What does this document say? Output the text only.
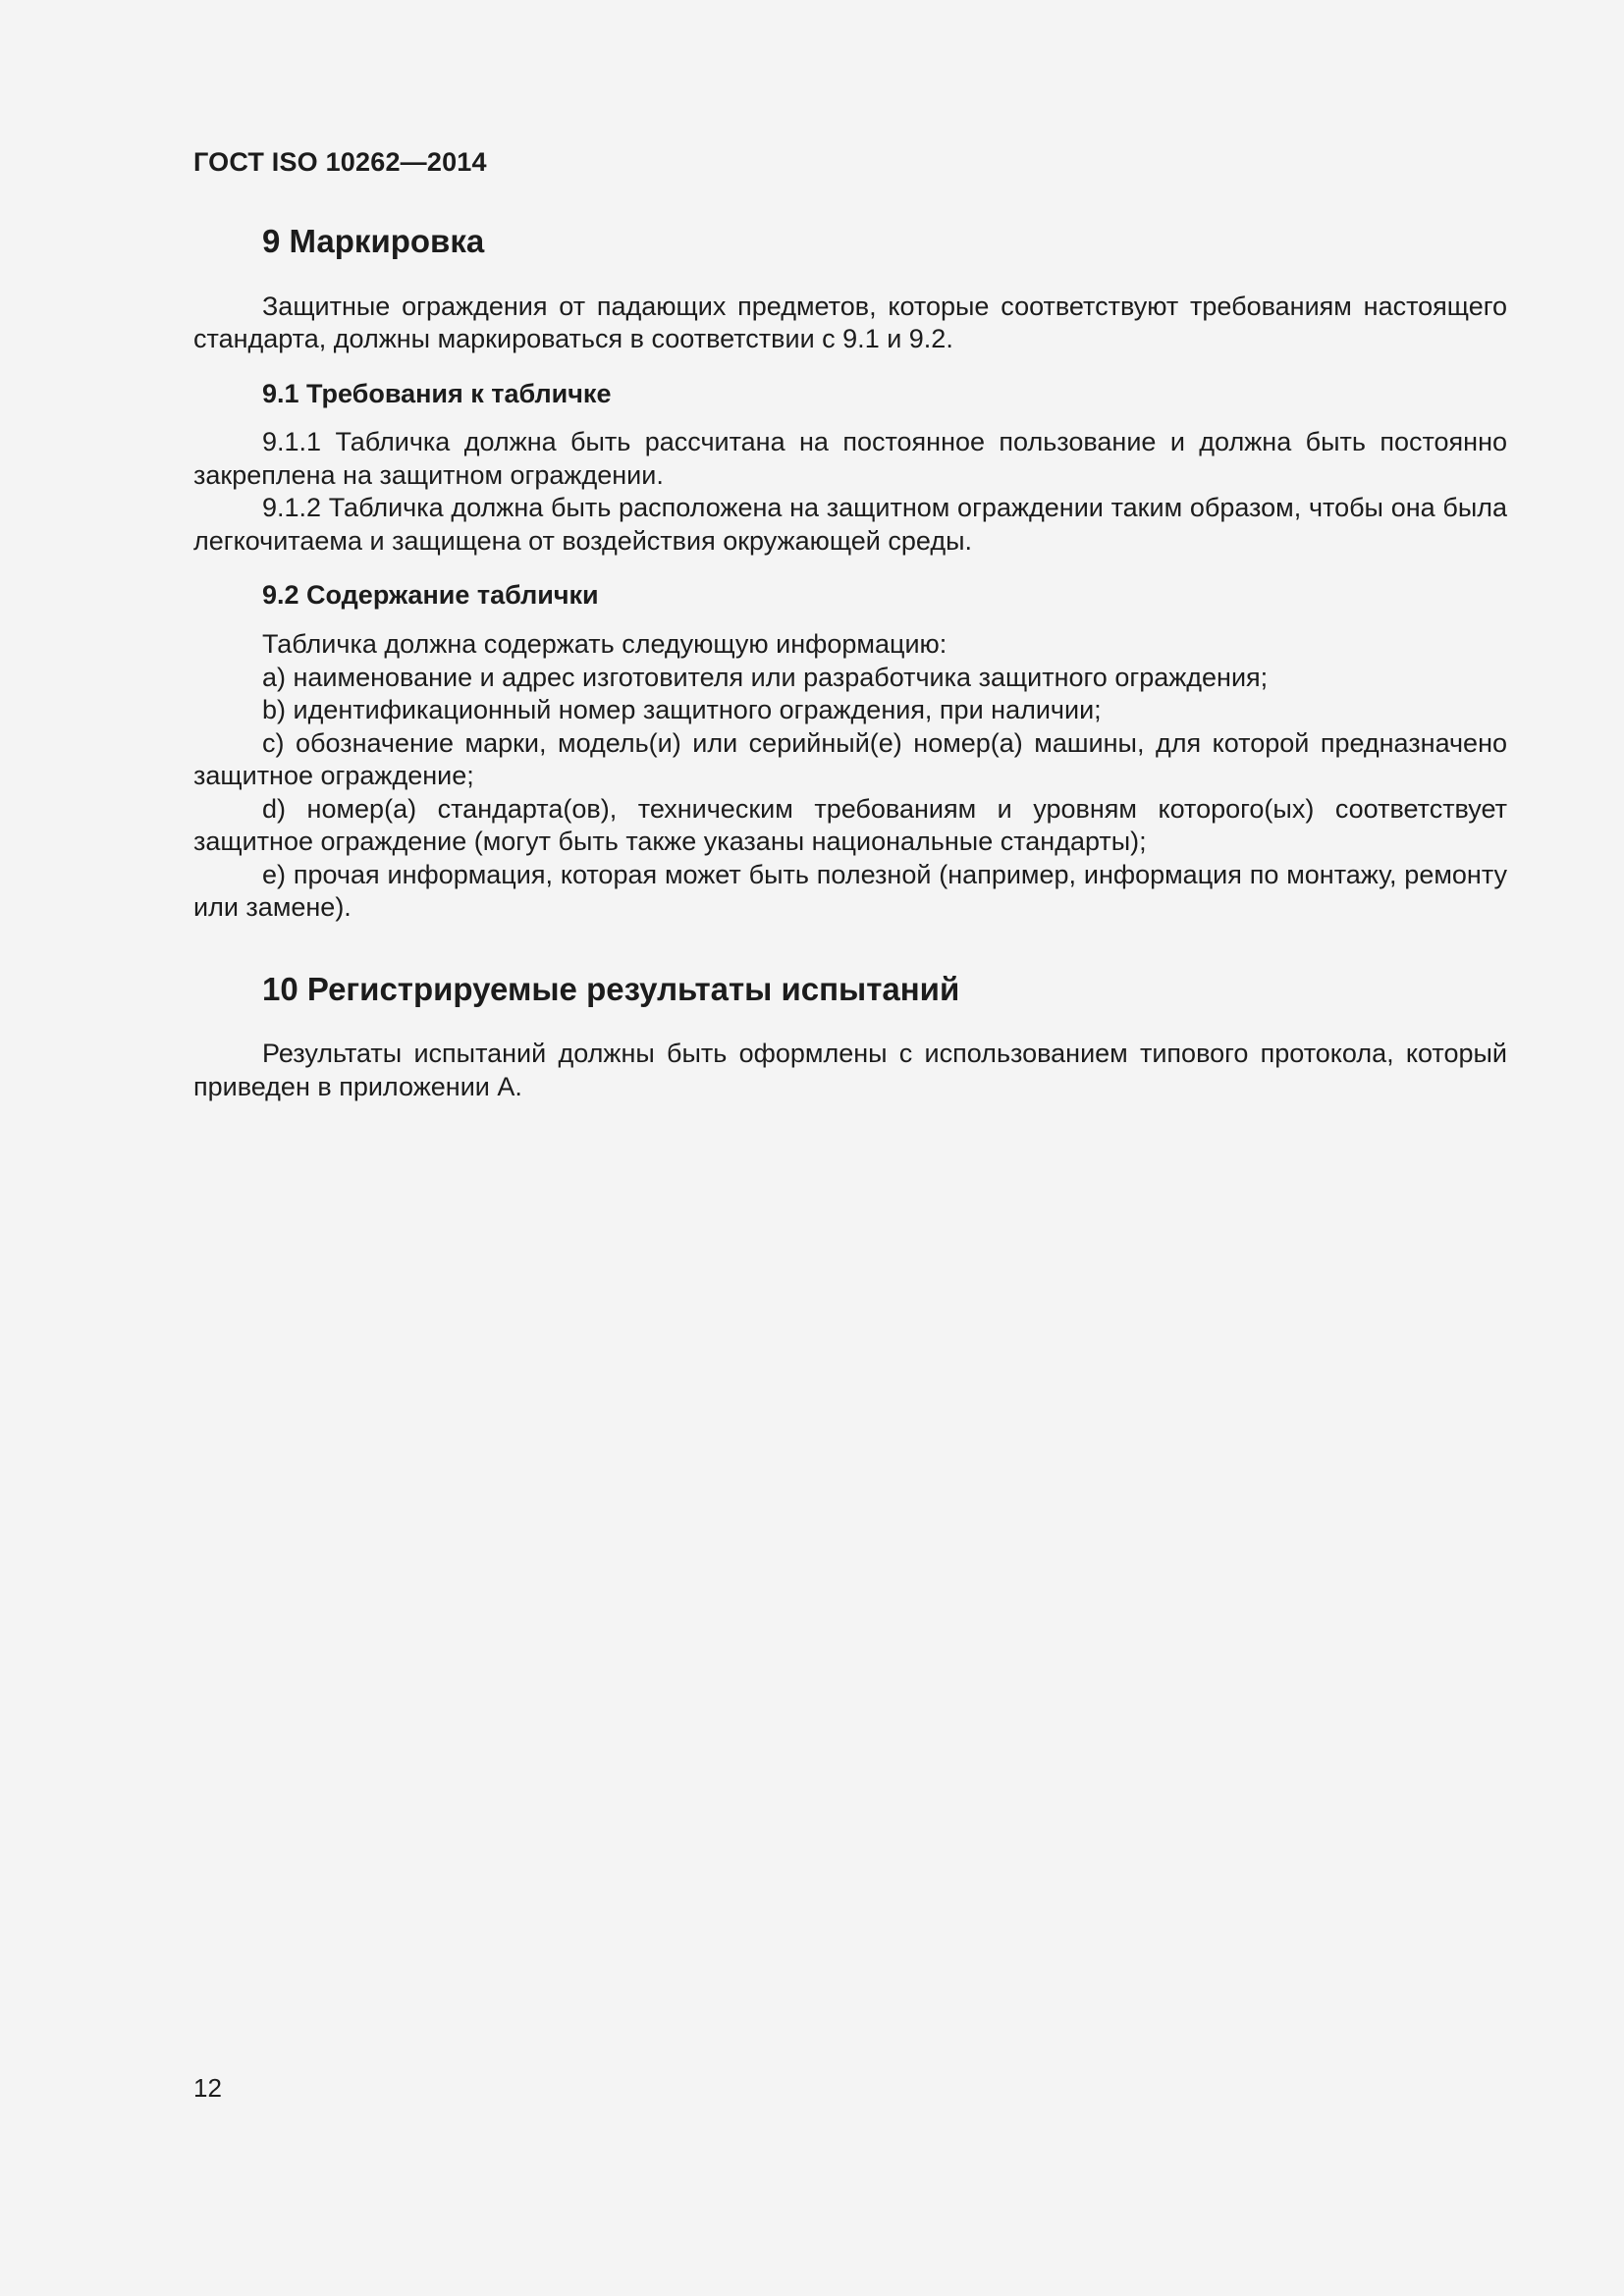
ГОСТ ISO 10262—2014
9 Маркировка

Защитные ограждения от падающих предметов, которые соответствуют требованиям настоящего стандарта, должны маркироваться в соответствии с 9.1 и 9.2.

9.1 Требования к табличке

9.1.1 Табличка должна быть рассчитана на постоянное пользование и должна быть постоянно закреплена на защитном ограждении.

9.1.2 Табличка должна быть расположена на защитном ограждении таким образом, чтобы она была легкочитаема и защищена от воздействия окружающей среды.

9.2 Содержание таблички

Табличка должна содержать следующую информацию:

a) наименование и адрес изготовителя или разработчика защитного ограждения;

b) идентификационный номер защитного ограждения, при наличии;

c) обозначение марки, модель(и) или серийный(е) номер(а) машины, для которой предназначено защитное ограждение;

d) номер(а) стандарта(ов), техническим требованиям и уровням которого(ых) соответствует защитное ограждение (могут быть также указаны национальные стандарты);

e) прочая информация, которая может быть полезной (например, информация по монтажу, ремонту или замене).

10 Регистрируемые результаты испытаний

Результаты испытаний должны быть оформлены с использованием типового протокола, который приведен в приложении А.

12
